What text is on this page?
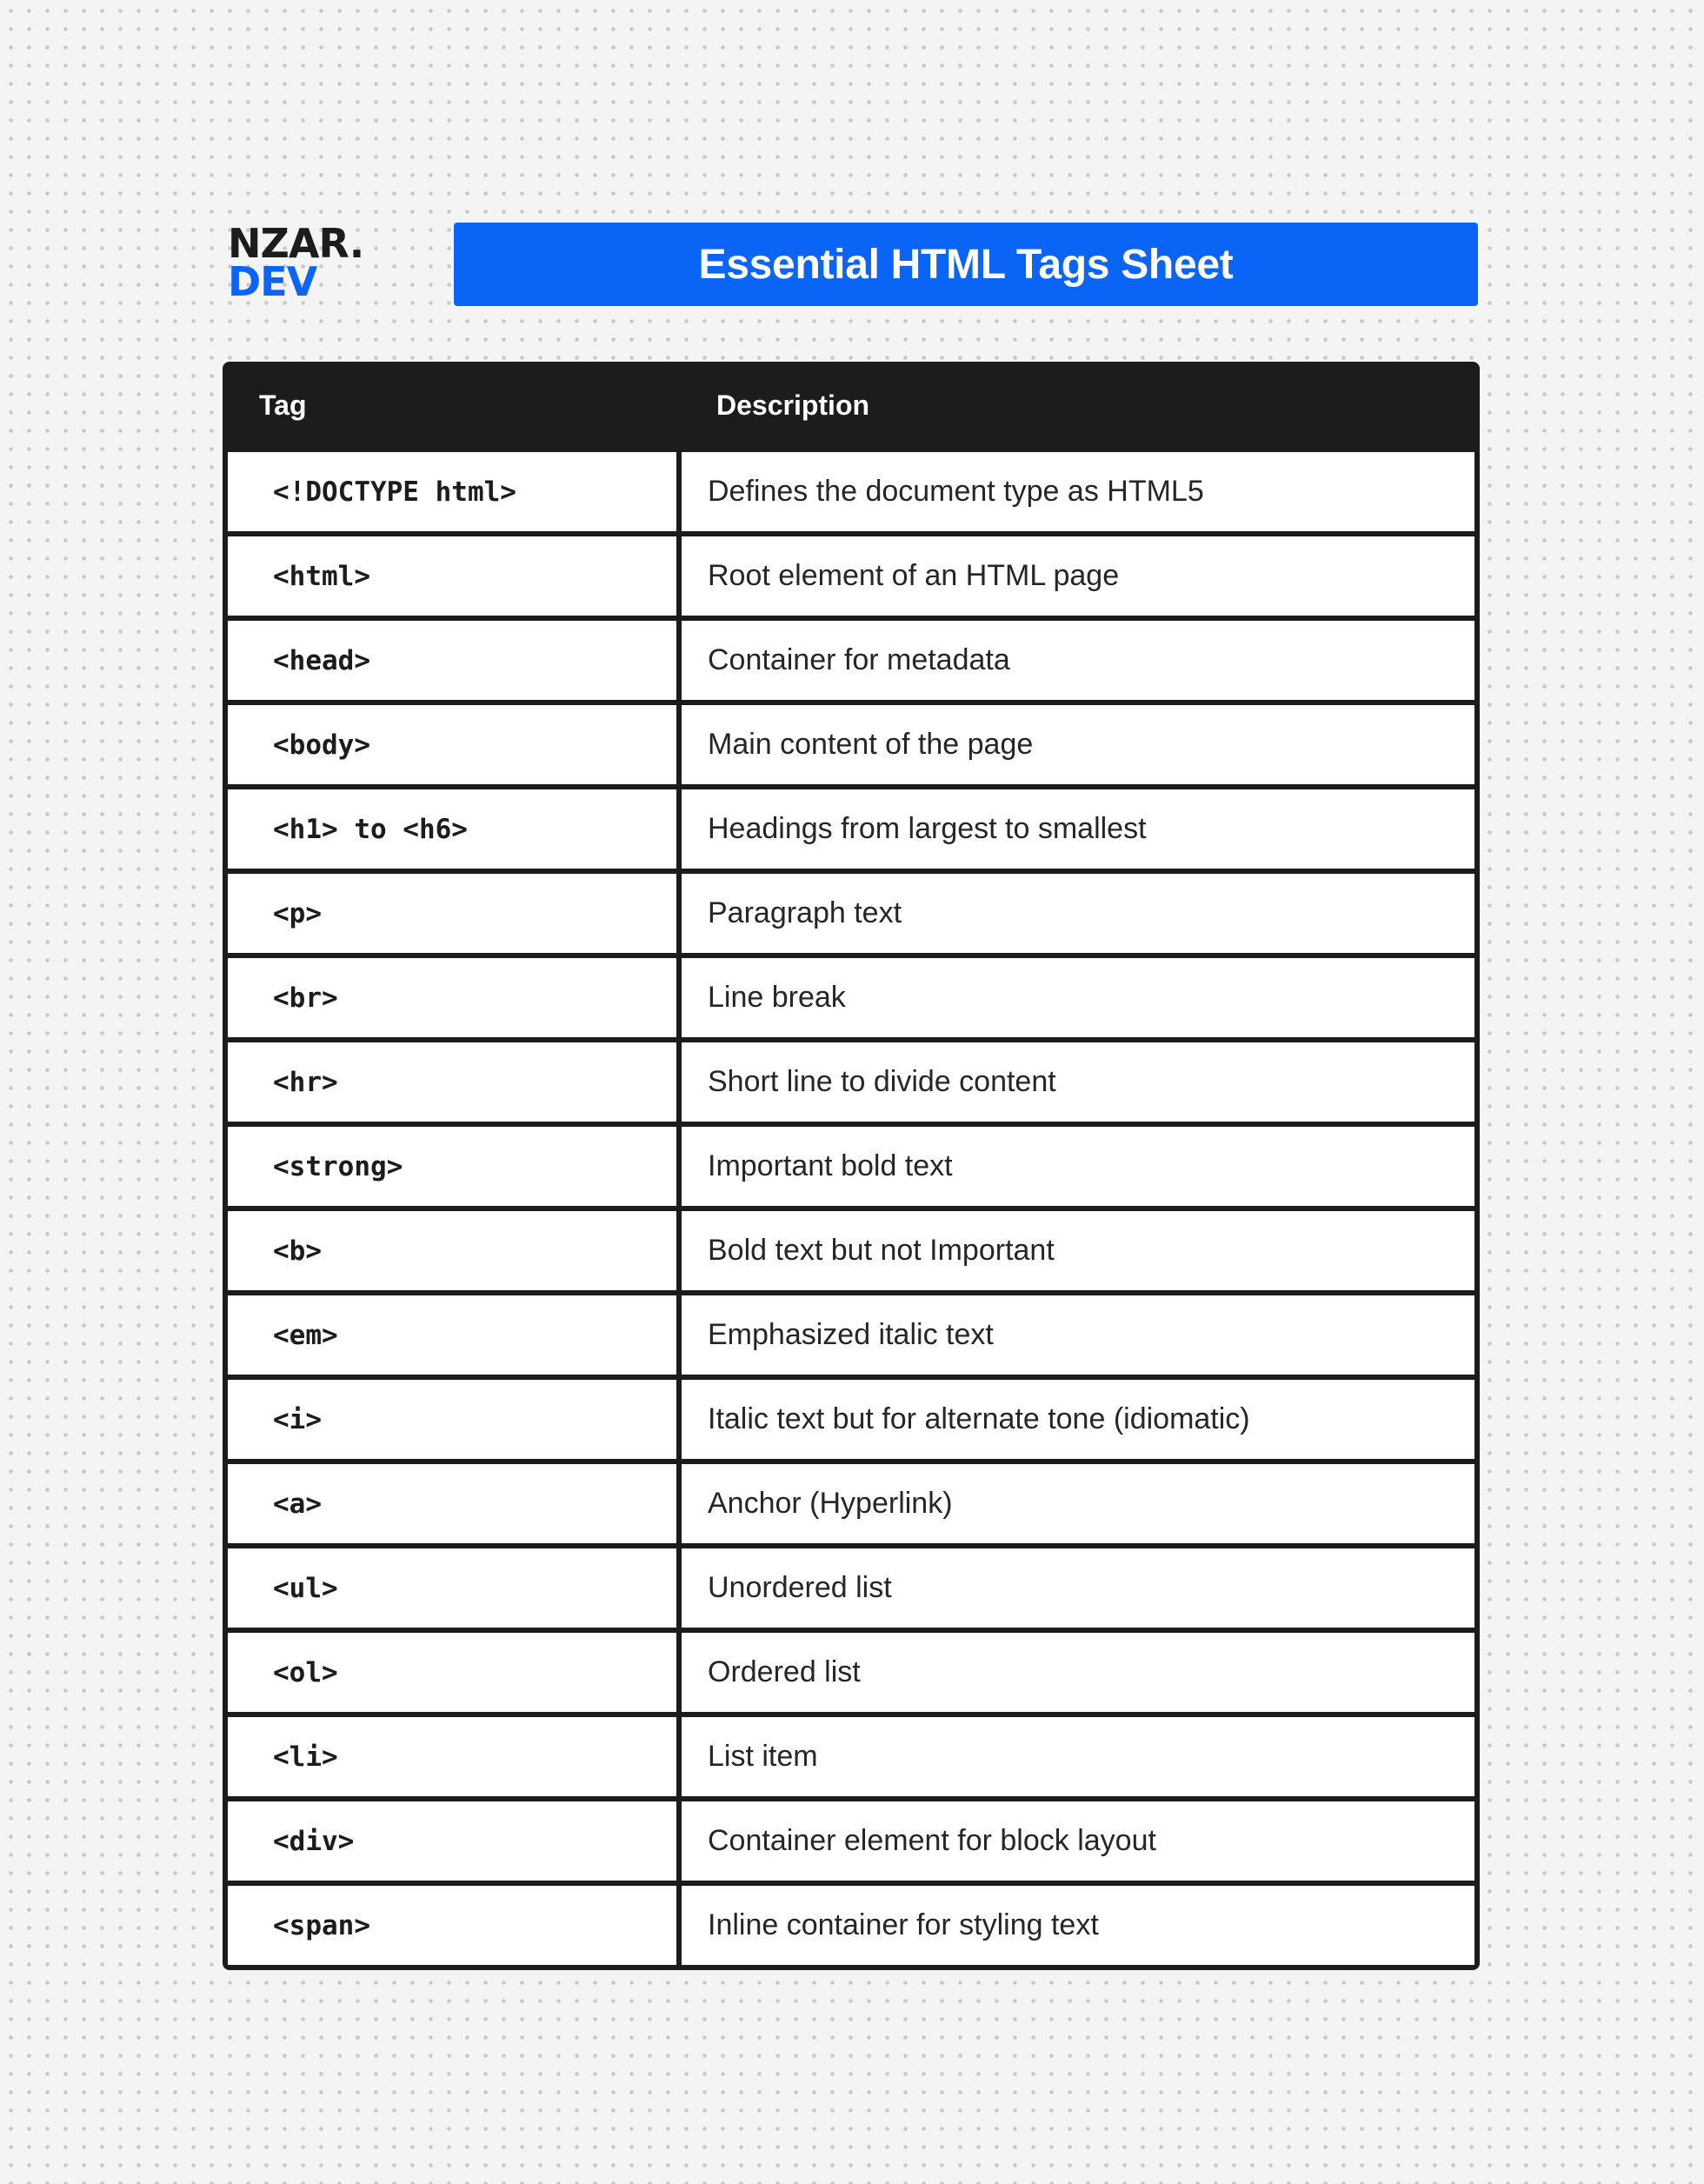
NZAR.
DEV	Essential HTML Tags Sheet
Tag	Description
<!DOCTYPE html>	Defines the document type as HTML5
<html>	Root element of an HTML page
<head>	Container for metadata
<body>	Main content of the page
<h1> to <h6>	Headings from largest to smallest
<p>	Paragraph text
<br>	Line break
<hr>	Short line to divide content
<strong>	Important bold text
<b>	Bold text but not Important
<em>	Emphasized italic text
<i>	Italic text but for alternate tone (idiomatic)
<a>	Anchor (Hyperlink)
<ul>	Unordered list
<ol>	Ordered list
<li>	List item
<div>	Container element for block layout
<span>	Inline container for styling text
